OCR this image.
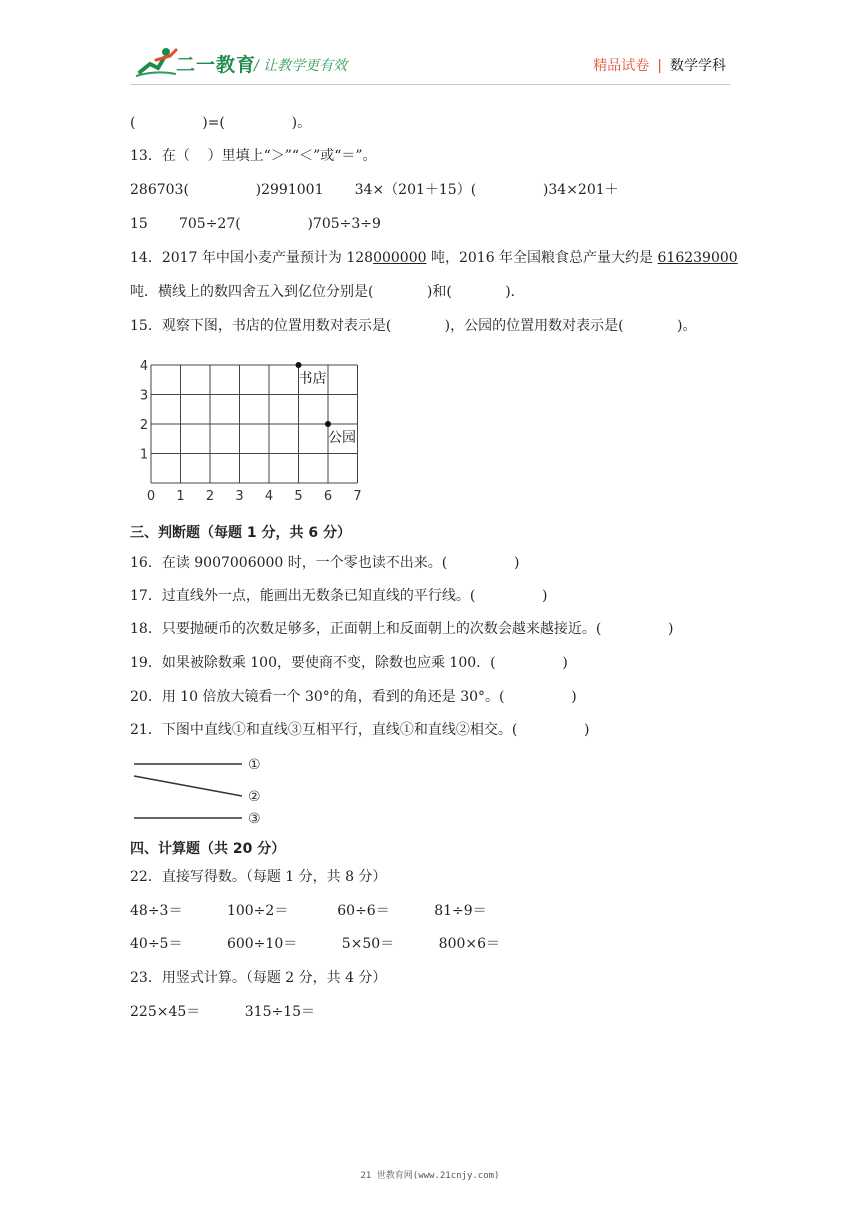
二一教育
/ 让教学更有效	精品试卷 | 数学学科
(               )=(               )。
13．在（    ）里填上“＞”“＜”或“＝”。
286703(               )2991001       34×（201＋15）(               )34×201＋
15       705÷27(               )705÷3÷9
14．2017 年中国小麦产量预计为 128000000 吨，2016 年全国粮食总产量大约是 616239000
吨．横线上的数四舍五入到亿位分别是(            )和(            )．
15．观察下图，书店的位置用数对表示是(            )，公园的位置用数对表示是(            )。
0 1 2 3 4 5 6 7
1
2
3
4
书店
公园
三、判断题（每题 1 分，共 6 分）
16．在读 9007006000 时，一个零也读不出来。(               )
17．过直线外一点，能画出无数条已知直线的平行线。(               )
18．只要抛硬币的次数足够多，正面朝上和反面朝上的次数会越来越接近。(               )
19．如果被除数乘 100，要使商不变，除数也应乘 100．(               )
20．用 10 倍放大镜看一个 30°的角，看到的角还是 30°。(               )
21．下图中直线①和直线③互相平行，直线①和直线②相交。(               )
①
②
③
四、计算题（共 20 分）
22．直接写得数。（每题 1 分，共 8 分）
48÷3＝          100÷2＝           60÷6＝          81÷9＝
40÷5＝          600÷10＝          5×50＝          800×6＝
23．用竖式计算。（每题 2 分，共 4 分）
225×45＝          315÷15＝
21 世教育网(www.21cnjy.com)
